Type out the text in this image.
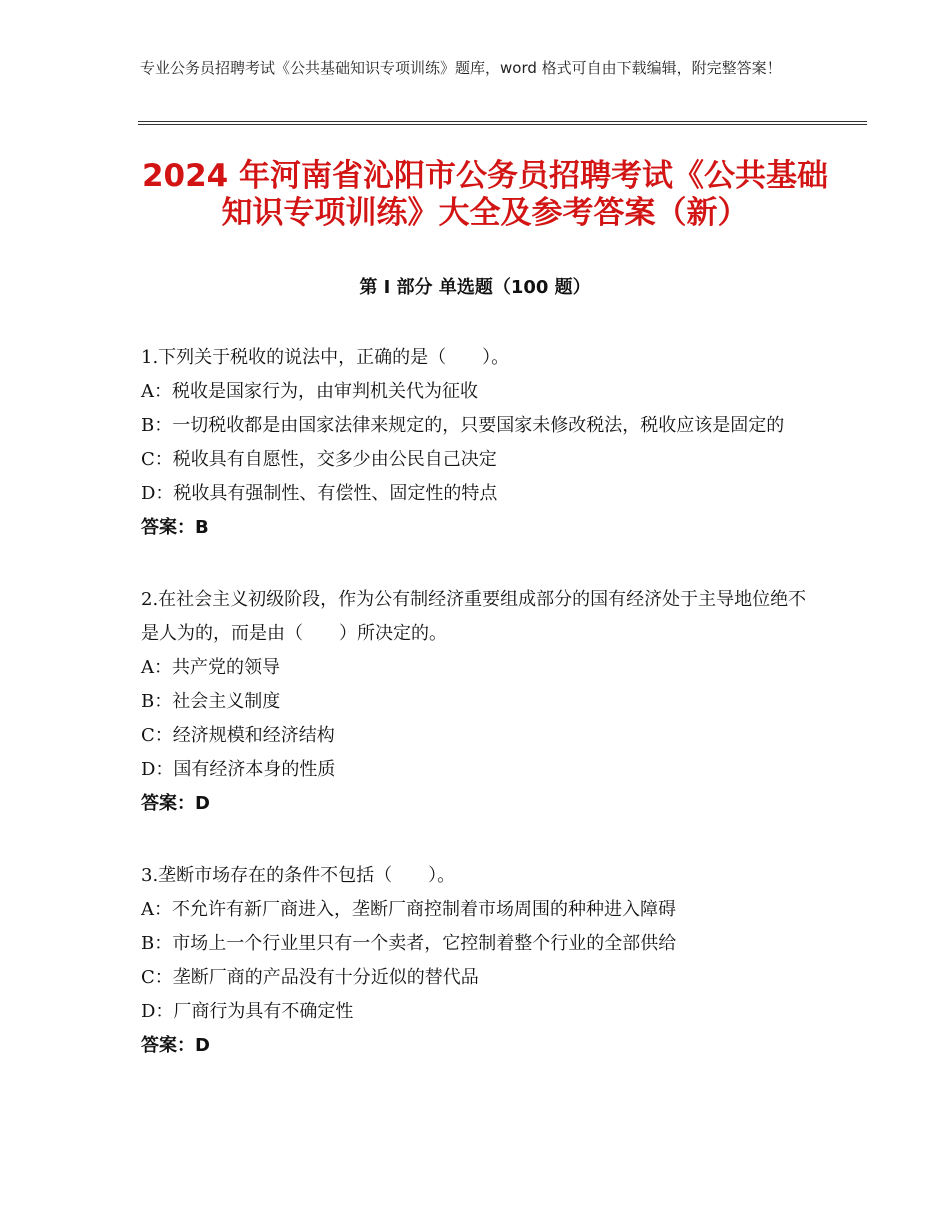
专业公务员招聘考试《公共基础知识专项训练》题库，word 格式可自由下载编辑，附完整答案！
2024 年河南省沁阳市公务员招聘考试《公共基础知识专项训练》大全及参考答案（新）
第 I 部分 单选题（100 题）
1.下列关于税收的说法中，正确的是（　　）。
A：税收是国家行为，由审判机关代为征收
B：一切税收都是由国家法律来规定的，只要国家未修改税法，税收应该是固定的
C：税收具有自愿性，交多少由公民自己决定
D：税收具有强制性、有偿性、固定性的特点
答案：B
2.在社会主义初级阶段，作为公有制经济重要组成部分的国有经济处于主导地位绝不是人为的，而是由（　　）所决定的。
A：共产党的领导
B：社会主义制度
C：经济规模和经济结构
D：国有经济本身的性质
答案：D
3.垄断市场存在的条件不包括（　　）。
A：不允许有新厂商进入，垄断厂商控制着市场周围的种种进入障碍
B：市场上一个行业里只有一个卖者，它控制着整个行业的全部供给
C：垄断厂商的产品没有十分近似的替代品
D：厂商行为具有不确定性
答案：D
